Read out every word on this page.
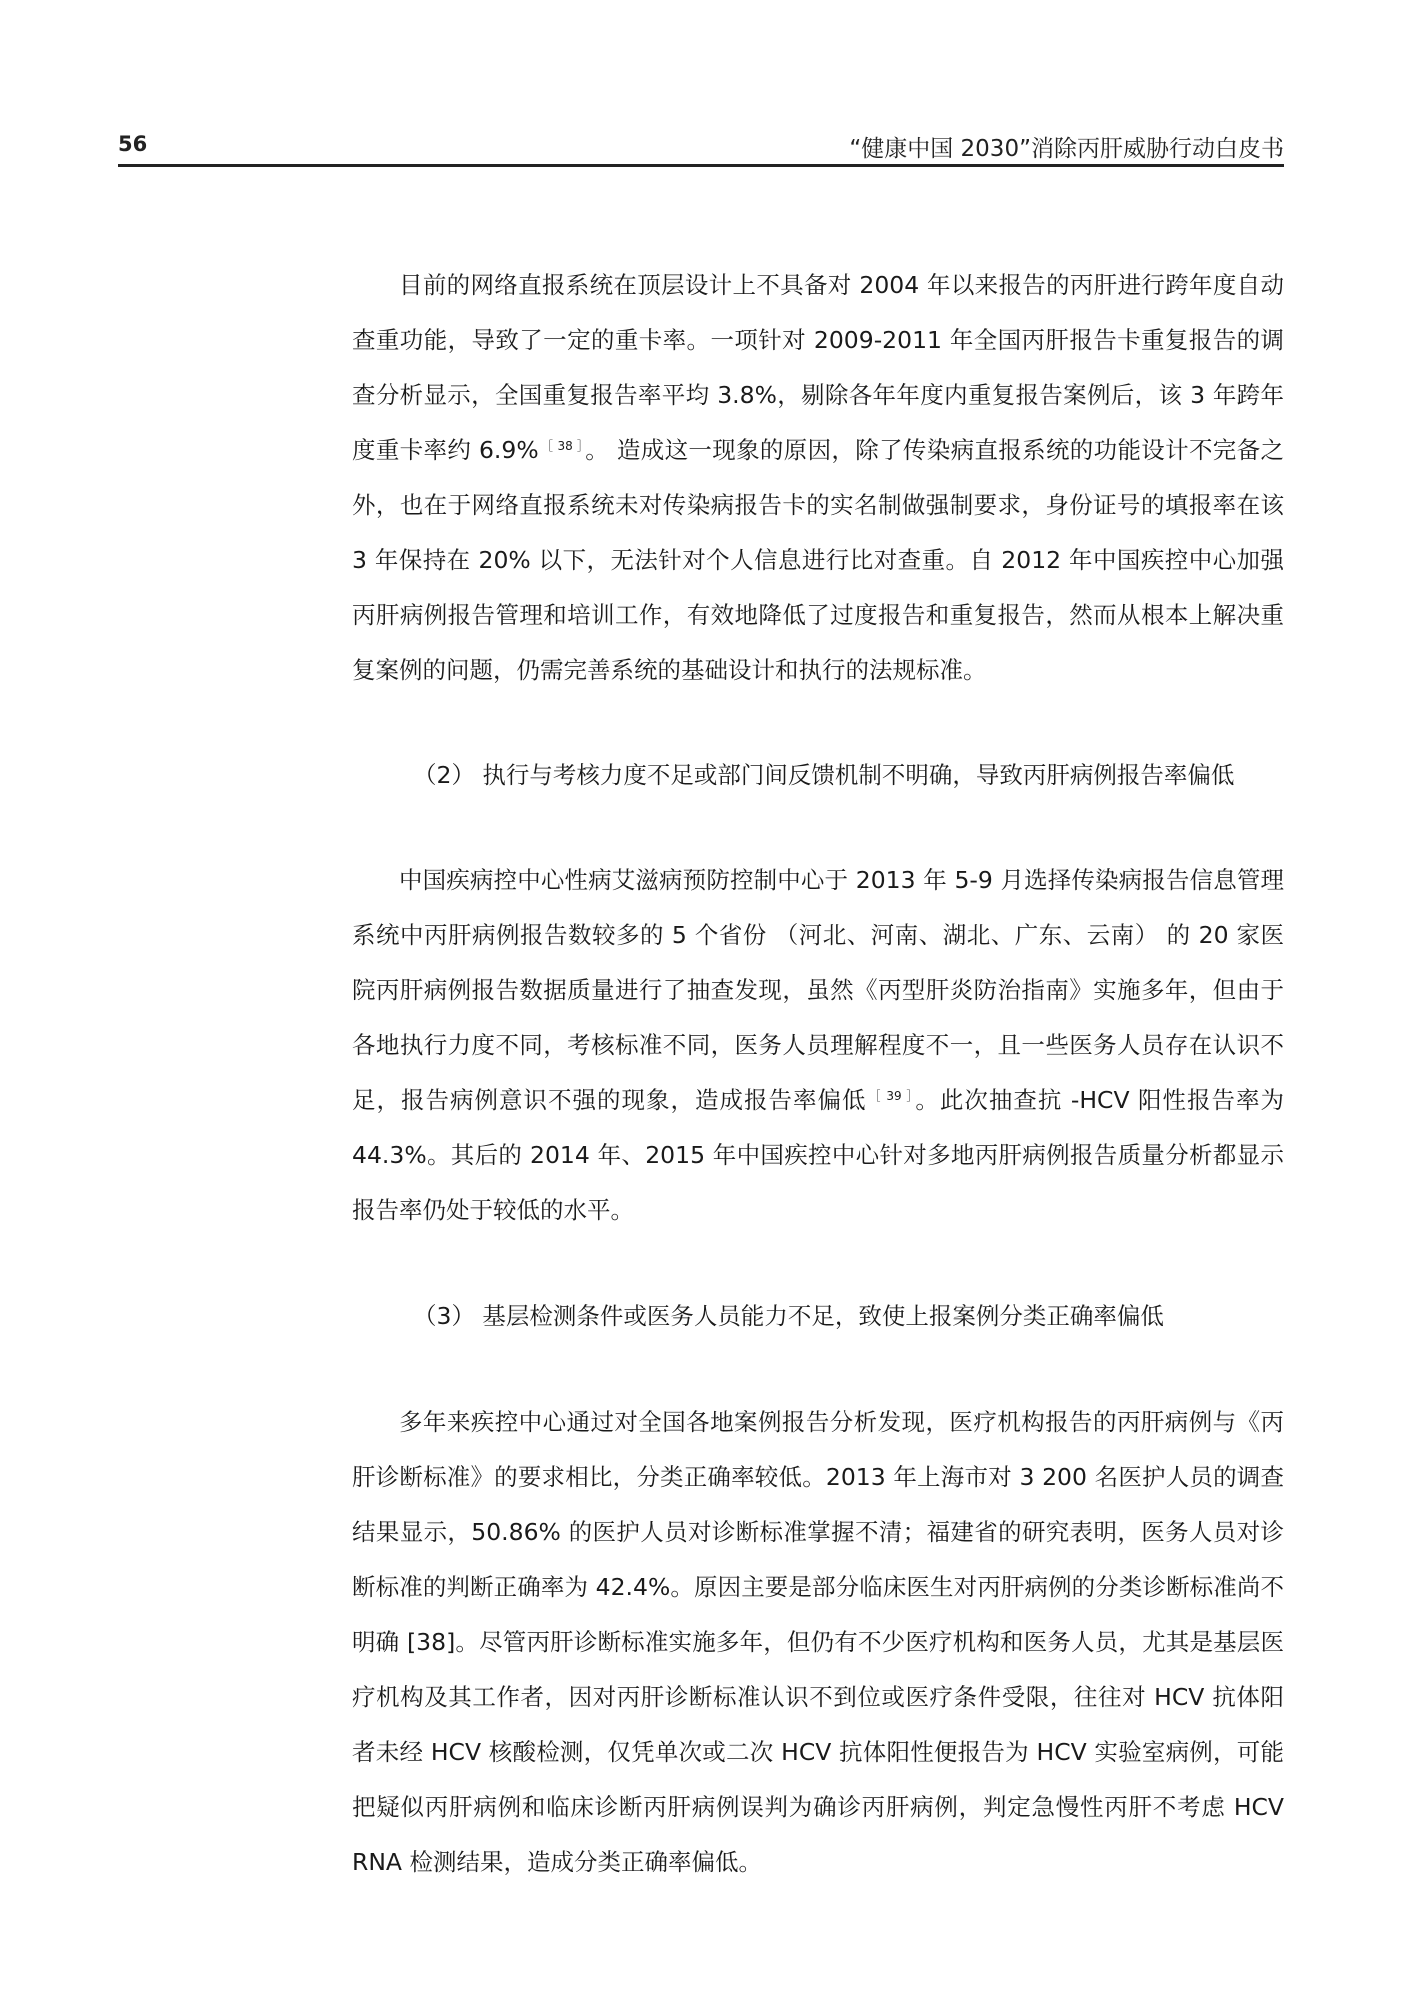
56	“健康中国 2030”消除丙肝威胁行动白皮书

目前的网络直报系统在顶层设计上不具备对 2004 年以来报告的丙肝进行跨年度自动查重功能，导致了一定的重卡率。一项针对 2009-2011 年全国丙肝报告卡重复报告的调查分析显示，全国重复报告率平均 3.8%，剔除各年年度内重复报告案例后，该 3 年跨年度重卡率约 6.9% $^{[ 38 ]}$。 造成这一现象的原因，除了传染病直报系统的功能设计不完备之外，也在于网络直报系统未对传染病报告卡的实名制做强制要求，身份证号的填报率在该 3 年保持在 20% 以下，无法针对个人信息进行比对查重。自 2012 年中国疾控中心加强丙肝病例报告管理和培训工作，有效地降低了过度报告和重复报告，然而从根本上解决重复案例的问题，仍需完善系统的基础设计和执行的法规标准。

（2） 执行与考核力度不足或部门间反馈机制不明确，导致丙肝病例报告率偏低

中国疾病控中心性病艾滋病预防控制中心于 2013 年 5-9 月选择传染病报告信息管理系统中丙肝病例报告数较多的 5 个省份 （河北、河南、湖北、广东、云南） 的 20 家医院丙肝病例报告数据质量进行了抽查发现，虽然《丙型肝炎防治指南》实施多年，但由于各地执行力度不同，考核标准不同，医务人员理解程度不一，且一些医务人员存在认识不足，报告病例意识不强的现象，造成报告率偏低 $^{[ 39 ]}$。此次抽查抗 -HCV 阳性报告率为 44.3%。其后的 2014 年、2015 年中国疾控中心针对多地丙肝病例报告质量分析都显示报告率仍处于较低的水平。

（3） 基层检测条件或医务人员能力不足，致使上报案例分类正确率偏低

多年来疾控中心通过对全国各地案例报告分析发现，医疗机构报告的丙肝病例与《丙肝诊断标准》的要求相比，分类正确率较低。2013 年上海市对 3 200 名医护人员的调查结果显示，50.86% 的医护人员对诊断标准掌握不清；福建省的研究表明，医务人员对诊断标准的判断正确率为 42.4%。原因主要是部分临床医生对丙肝病例的分类诊断标准尚不明确 [38]。尽管丙肝诊断标准实施多年，但仍有不少医疗机构和医务人员，尤其是基层医疗机构及其工作者，因对丙肝诊断标准认识不到位或医疗条件受限，往往对 HCV 抗体阳者未经 HCV 核酸检测，仅凭单次或二次 HCV 抗体阳性便报告为 HCV 实验室病例，可能把疑似丙肝病例和临床诊断丙肝病例误判为确诊丙肝病例，判定急慢性丙肝不考虑 HCV RNA 检测结果，造成分类正确率偏低。
